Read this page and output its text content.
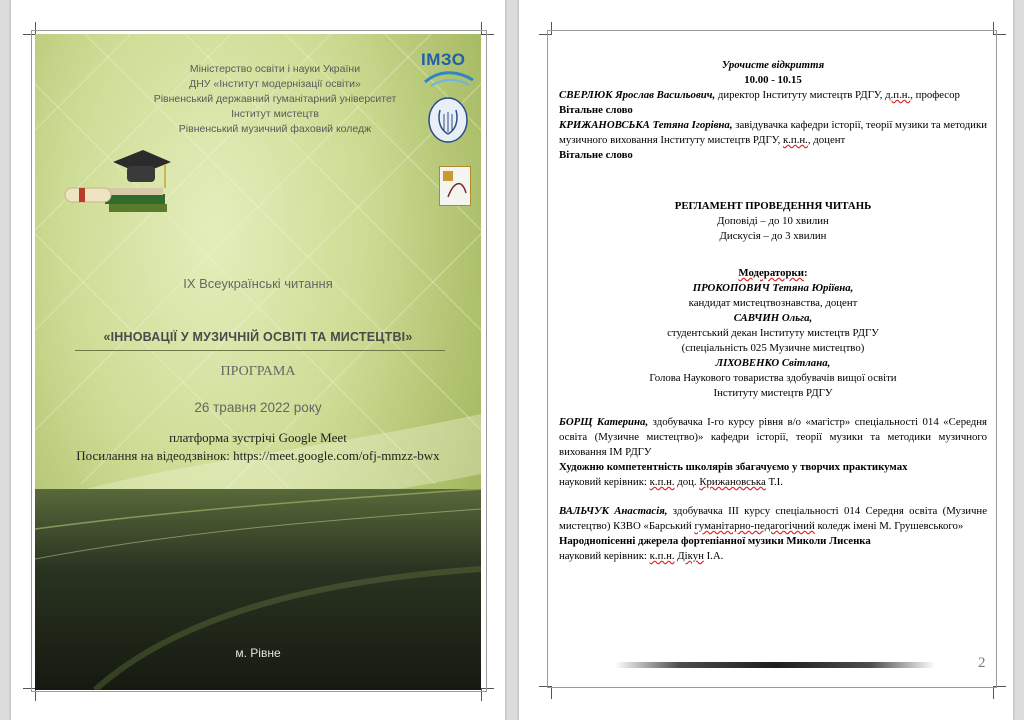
Міністерство освіти і науки України
ДНУ «Інститут модернізації освіти»
Рівненський державний гуманітарний університет
Інститут мистецтв
Рівненський музичний фаховий коледж
ІМЗО
IX Всеукраїнські читання
«ІННОВАЦІЇ У МУЗИЧНІЙ ОСВІТІ ТА МИСТЕЦТВІ»
ПРОГРАМА
26 травня 2022 року
платформа зустрічі Google Meet
Посилання на відеодзвінок: https://meet.google.com/ofj-mmzz-bwx
м. Рівне
Урочисте відкриття
10.00 - 10.15
СВЕРЛЮК Ярослав Васильович, директор Інституту мистецтв РДГУ, д.п.н., професор
Вітальне слово
КРИЖАНОВСЬКА Тетяна Ігорівна, завідувачка кафедри історії, теорії музики та методики музичного виховання Інституту мистецтв РДГУ, к.п.н., доцент
Вітальне слово
РЕГЛАМЕНТ ПРОВЕДЕННЯ ЧИТАНЬ
Доповіді – до 10 хвилин
Дискусія – до 3 хвилин
Модераторки:
ПРОКОПОВИЧ Тетяна Юріївна,
кандидат мистецтвознавства, доцент
САВЧИН Ольга,
студентський декан Інституту мистецтв РДГУ
(спеціальність 025 Музичне мистецтво)
ЛІХОВЕНКО Світлана,
Голова Наукового товариства здобувачів вищої освіти
Інституту мистецтв РДГУ
БОРЩ Катерина, здобувачка І-го курсу рівня в/о «магістр» спеціальності 014 «Середня освіта (Музичне мистецтво)» кафедри історії, теорії музики та методики музичного виховання ІМ РДГУ
Художню компетентність школярів збагачуємо у творчих практикумах
науковий керівник: к.п.н. доц. Крижановська Т.І.
ВАЛЬЧУК Анастасія, здобувачка ІІІ курсу спеціальності 014 Середня освіта (Музичне мистецтво) КЗВО «Барський гуманітарно-педагогічний коледж імені М. Грушевського»
Народнопісенні джерела фортепіанної музики Миколи Лисенка
науковий керівник: к.п.н. Дікун І.А.
2
